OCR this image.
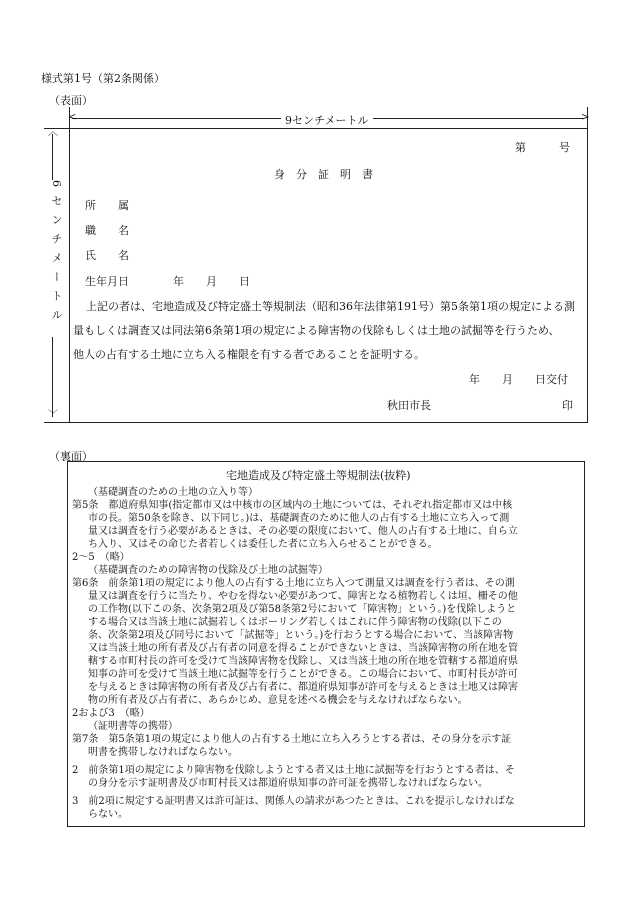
様式第1号（第2条関係）
（表面）
<	>
9センチメートル
︿
﹀
6センチメートル
第　　　号
身　分　証　明　書
所　　属
職　　名
氏　　名
生年月日　　　　年　　月　　日
上記の者は、宅地造成及び特定盛土等規制法（昭和36年法律第191号）第5条第1項の規定による測
量もしくは調査又は同法第6条第1項の規定による障害物の伐除もしくは土地の試掘等を行うため、
他人の占有する土地に立ち入る権限を有する者であることを証明する。
年　　月　　日交付
秋田市長	印
（裏面）
宅地造成及び特定盛土等規制法(抜粋)
（基礎調査のための土地の立入り等）
第5条　都道府県知事(指定都市又は中核市の区域内の土地については、それぞれ指定都市又は中核
市の長。第50条を除き、以下同じ。)は、基礎調査のために他人の占有する土地に立ち入って測
量又は調査を行う必要があるときは、その必要の限度において、他人の占有する土地に、自ら立
ち入り、又はその命じた者若しくは委任した者に立ち入らせることができる。
2～5　（略）
（基礎調査のための障害物の伐除及び土地の試掘等）
第6条　前条第1項の規定により他人の占有する土地に立ち入つて測量又は調査を行う者は、その測
量又は調査を行うに当たり、やむを得ない必要があつて、障害となる植物若しくは垣、柵その他
の工作物(以下この条、次条第2項及び第58条第2号において「障害物」という。)を伐除しようと
する場合又は当該土地に試掘若しくはボーリング若しくはこれに伴う障害物の伐除(以下この
条、次条第2項及び同号において「試掘等」という。)を行おうとする場合において、当該障害物
又は当該土地の所有者及び占有者の同意を得ることができないときは、当該障害物の所在地を管
轄する市町村長の許可を受けて当該障害物を伐除し、又は当該土地の所在地を管轄する都道府県
知事の許可を受けて当該土地に試掘等を行うことができる。この場合において、市町村長が許可
を与えるときは障害物の所有者及び占有者に、都道府県知事が許可を与えるときは土地又は障害
物の所有者及び占有者に、あらかじめ、意見を述べる機会を与えなければならない。
2および3　（略）
（証明書等の携帯）
第7条　第5条第1項の規定により他人の占有する土地に立ち入ろうとする者は、その身分を示す証
明書を携帯しなければならない。
2　前条第1項の規定により障害物を伐除しようとする者又は土地に試掘等を行おうとする者は、そ
の身分を示す証明書及び市町村長又は都道府県知事の許可証を携帯しなければならない。
3　前2項に規定する証明書又は許可証は、関係人の請求があつたときは、これを提示しなければな
らない。
